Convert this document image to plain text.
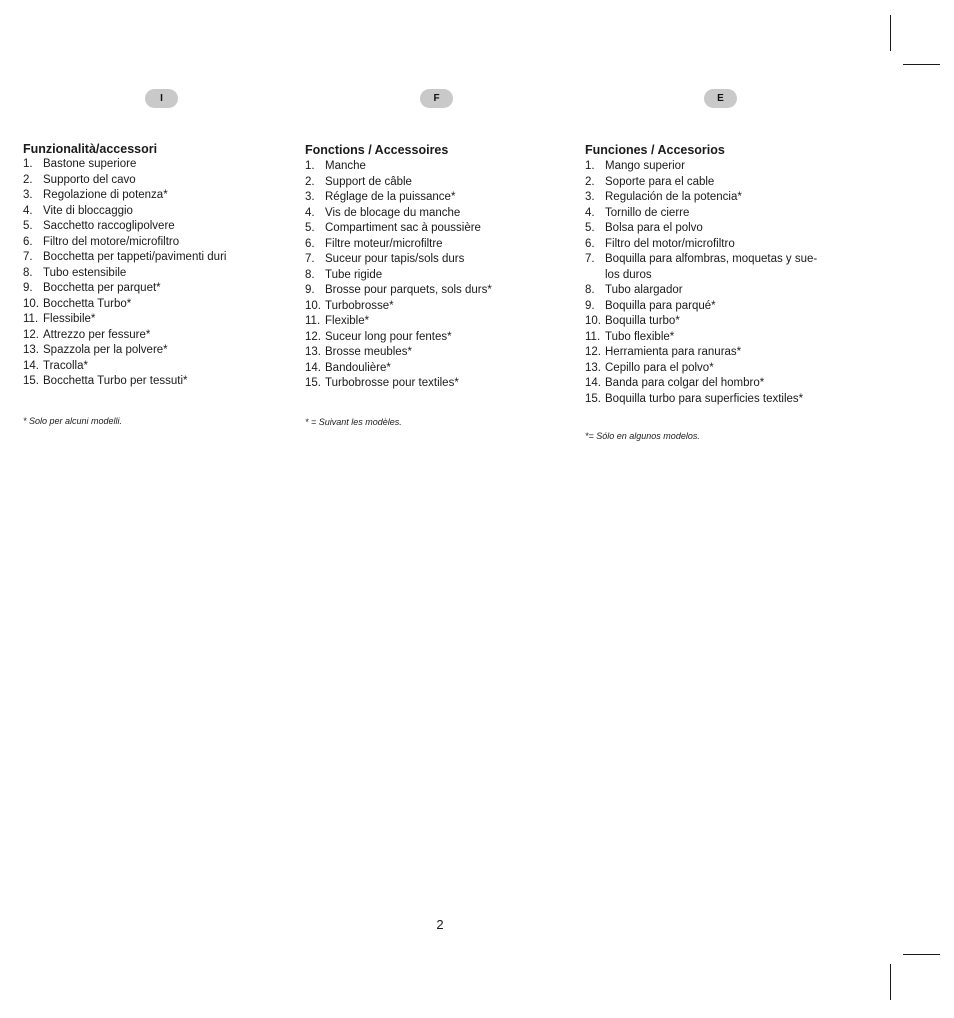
I
Funzionalità/accessori
1. Bastone superiore
2. Supporto del cavo
3. Regolazione di potenza*
4. Vite di bloccaggio
5. Sacchetto raccoglipolvere
6. Filtro del motore/microfiltro
7. Bocchetta per tappeti/pavimenti duri
8. Tubo estensibile
9. Bocchetta per parquet*
10. Bocchetta Turbo*
11. Flessibile*
12. Attrezzo per fessure*
13. Spazzola per la polvere*
14. Tracolla*
15. Bocchetta Turbo per tessuti*
* Solo per alcuni modelli.
F
Fonctions / Accessoires
1. Manche
2. Support de câble
3. Réglage de la puissance*
4. Vis de blocage du manche
5. Compartiment sac à poussière
6. Filtre moteur/microfiltre
7. Suceur pour tapis/sols durs
8. Tube rigide
9. Brosse pour parquets, sols durs*
10. Turbobrosse*
11. Flexible*
12. Suceur long pour fentes*
13. Brosse meubles*
14. Bandoulière*
15. Turbobrosse pour textiles*
* = Suivant les modèles.
E
Funciones / Accesorios
1. Mango superior
2. Soporte para el cable
3. Regulación de la potencia*
4. Tornillo de cierre
5. Bolsa para el polvo
6. Filtro del motor/microfiltro
7. Boquilla para alfombras, moquetas y sue-
los duros
8. Tubo alargador
9. Boquilla para parqué*
10. Boquilla turbo*
11. Tubo flexible*
12. Herramienta para ranuras*
13. Cepillo para el polvo*
14. Banda para colgar del hombro*
15. Boquilla turbo para superficies textiles*
*= Sólo en algunos modelos.
2
